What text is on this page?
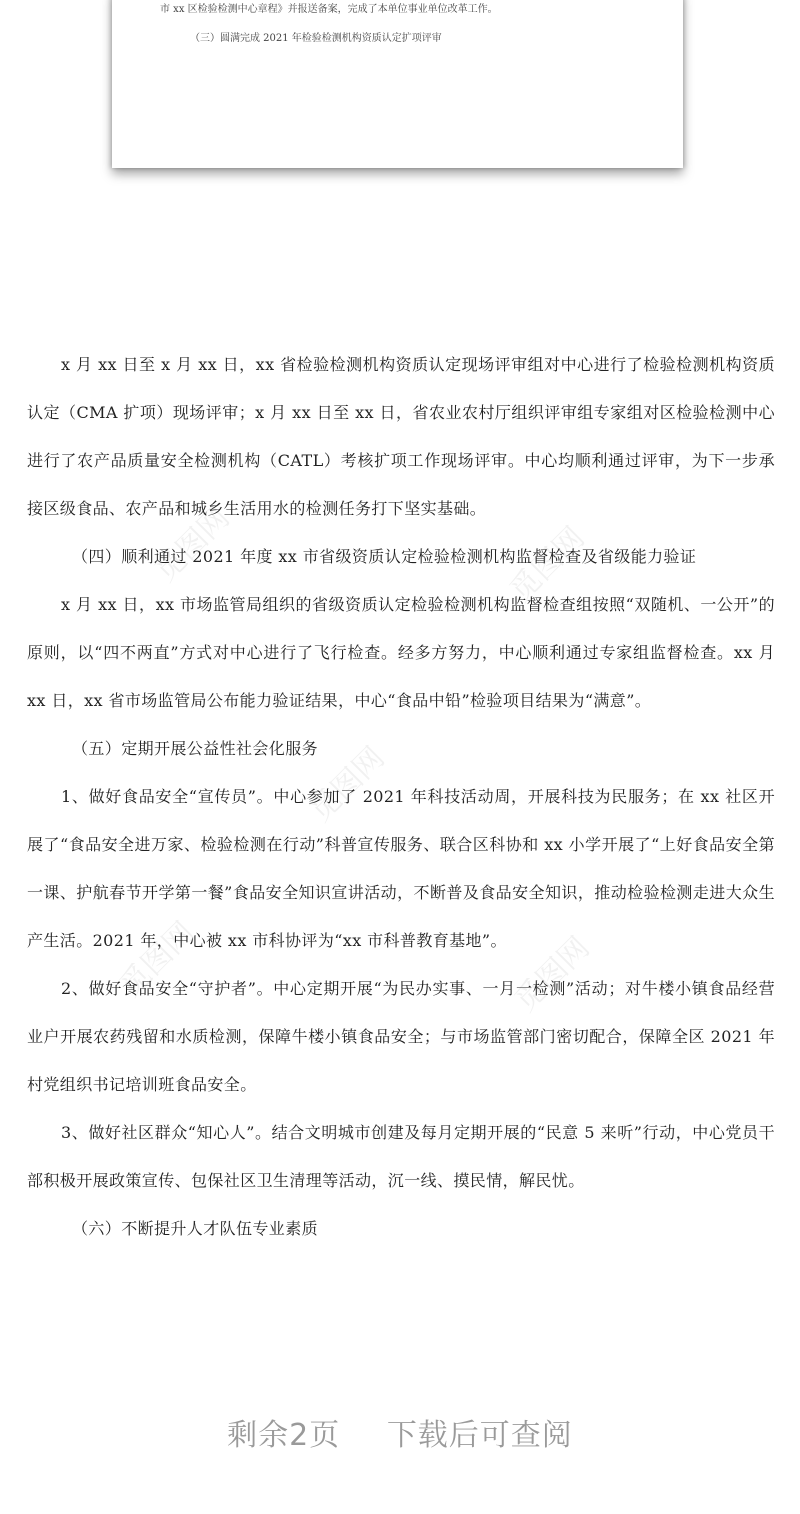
市 xx 区检验检测中心章程》并报送备案，完成了本单位事业单位改革工作。
（三）圆满完成 2021 年检验检测机构资质认定扩项评审
觅图网	觅图网
觅图网
觅图网	觅图网

x 月 xx 日至 x 月 xx 日，xx 省检验检测机构资质认定现场评审组对中心进行了检验检测机构资质认定（CMA 扩项）现场评审；x 月 xx 日至 xx 日，省农业农村厅组织评审组专家组对区检验检测中心进行了农产品质量安全检测机构（CATL）考核扩项工作现场评审。中心均顺利通过评审，为下一步承接区级食品、农产品和城乡生活用水的检测任务打下坚实基础。

（四）顺利通过 2021 年度 xx 市省级资质认定检验检测机构监督检查及省级能力验证

x 月 xx 日，xx 市场监管局组织的省级资质认定检验检测机构监督检查组按照“双随机、一公开”的原则，以“四不两直”方式对中心进行了飞行检查。经多方努力，中心顺利通过专家组监督检查。xx 月 xx 日，xx 省市场监管局公布能力验证结果，中心“食品中铅”检验项目结果为“满意”。

（五）定期开展公益性社会化服务

1、做好食品安全“宣传员”。中心参加了 2021 年科技活动周，开展科技为民服务；在 xx 社区开展了“食品安全进万家、检验检测在行动”科普宣传服务、联合区科协和 xx 小学开展了“上好食品安全第一课、护航春节开学第一餐”食品安全知识宣讲活动，不断普及食品安全知识，推动检验检测走进大众生产生活。2021 年，中心被 xx 市科协评为“xx 市科普教育基地”。

2、做好食品安全“守护者”。中心定期开展“为民办实事、一月一检测”活动；对牛楼小镇食品经营业户开展农药残留和水质检测，保障牛楼小镇食品安全；与市场监管部门密切配合，保障全区 2021 年村党组织书记培训班食品安全。

3、做好社区群众“知心人”。结合文明城市创建及每月定期开展的“民意 5 来听”行动，中心党员干部积极开展政策宣传、包保社区卫生清理等活动，沉一线、摸民情，解民忧。

（六）不断提升人才队伍专业素质

剩余2页 下载后可查阅
